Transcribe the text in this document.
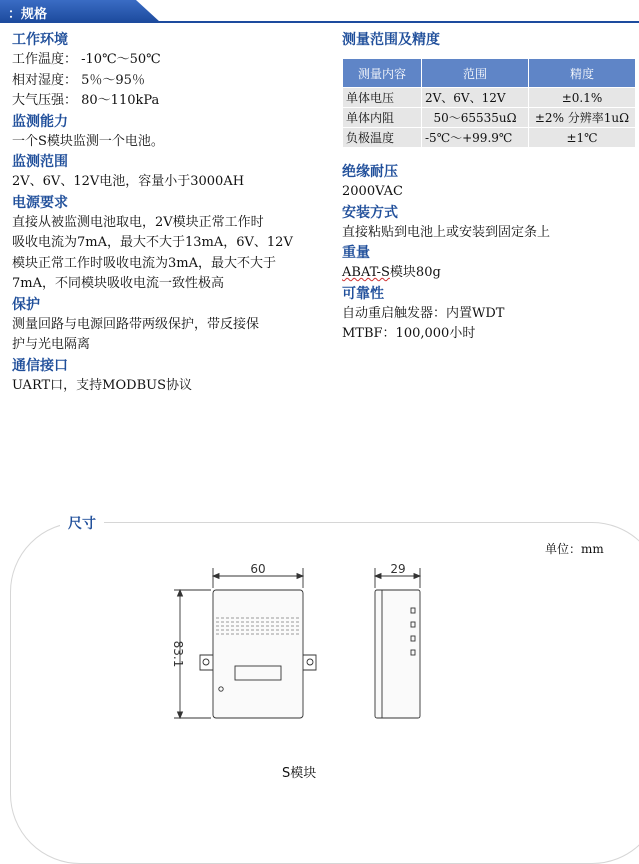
：规格

工作环境

工作温度： -10℃～50℃

相对湿度： 5％～95％

大气压强： 80～110kPa

监测能力

一个S模块监测一个电池。

监测范围

2V、6V、12V电池，容量小于3000AH

电源要求

直接从被监测电池取电，2V模块正常工作时

吸收电流为7mA，最大不大于13mA，6V、12V

模块正常工作时吸收电流为3mA，最大不大于

7mA，不同模块吸收电流一致性极高

保护

测量回路与电源回路带两级保护，带反接保

护与光电隔离

通信接口

UART口，支持MODBUS协议

测量范围及精度

测量内容	范围	精度
单体电压	2V、6V、12V	±0.1%
单体内阻	50～65535uΩ	±2% 分辨率1uΩ
负极温度	-5℃～+99.9℃	±1℃

绝缘耐压

2000VAC

安装方式

直接粘贴到电池上或安装到固定条上

重量

ABAT-S模块80g

可靠性

自动重启触发器：内置WDT

MTBF：100,000小时

尺寸
单位：mm
60	29
83.1
S模块
